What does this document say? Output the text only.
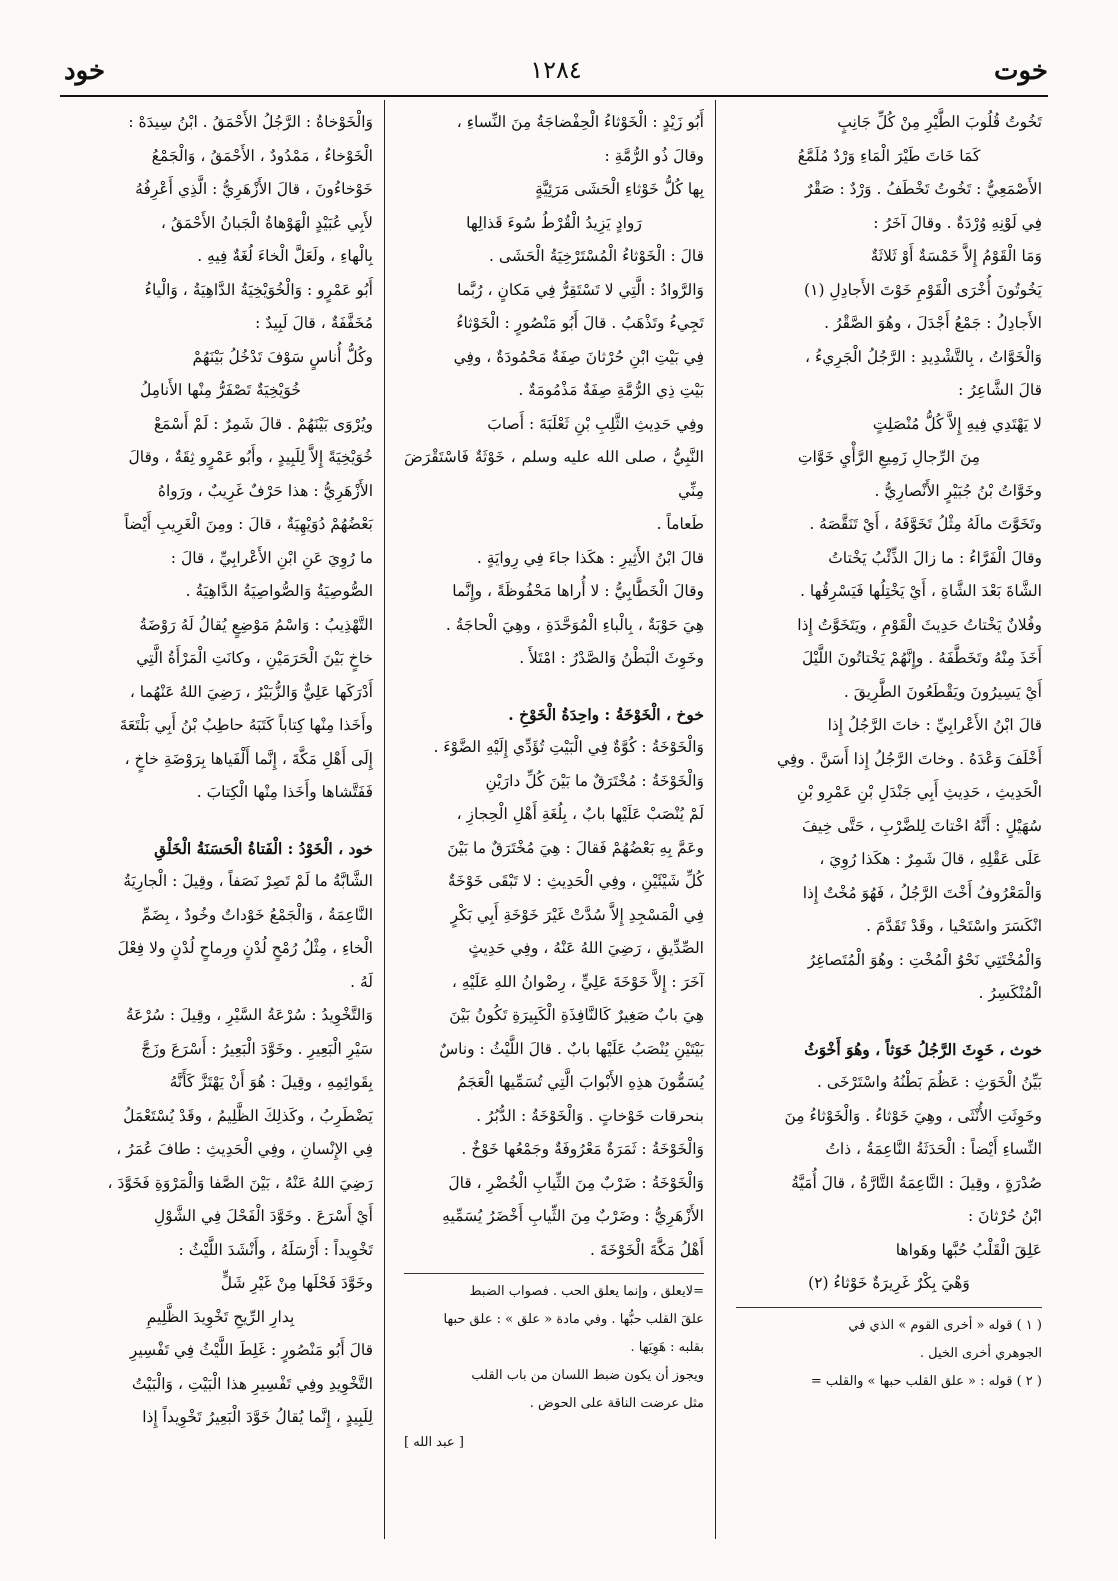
خوت
١٢٨٤
خود

تَخُوتُ قُلُوبَ الطَّيْرِ مِنْ كُلِّ جَانِبٍ

كَمَا خَاتَ طَيْرَ الْمَاءِ وَرْدٌ مُلَمَّعُ

الأَصْمَعِيُّ : تَخُوتُ تَخْطَفُ . وَرْدٌ : صَقْرٌ

فِي لَوْنِهِ وُرْدَةٌ . وقالَ آخَرُ :

وَمَا الْقَوْمُ إِلاَّ خَمْسَةٌ أَوْ ثَلاثَةٌ

يَخُوتُونَ أُخْرَى الْقَوْمِ خَوْتَ الأَجادِلِ (١)

الأَجادِلُ : جَمْعُ أَجْدَلَ ، وهُوَ الصَّقْرُ .

وَالْخَوَّاتُ ، بِالتَّشْدِيدِ : الرَّجُلُ الْجَرِيءُ ،

قالَ الشَّاعِرُ :

لا يَهْتَدِي فِيهِ إِلاَّ كُلُّ مُنْصَلِتٍ

مِنَ الرِّجالِ زَمِيعِ الرَّأْيِ خَوَّاتِ

وخَوَّاتُ بْنُ جُبَيْرٍ الأَنْصارِيُّ .

وتَخَوَّتَ مالَهُ مِثْلُ تَخَوَّفَهُ ، أَيْ تَنَقَّصَهُ .

وقالَ الْفَرَّاءُ : ما زالَ الذِّئْبُ يَخْتاتُ

الشَّاةَ بَعْدَ الشَّاةِ ، أَيْ يَخْتِلُها فَيَسْرِقُها .

وفُلانٌ يَخْتاتُ حَدِيثَ الْقَوْمِ ، ويَتَخَوَّتُ إِذا

أَخَذَ مِنْهُ وتَخَطَّفَهُ . وإِنَّهُمْ يَخْتاتُونَ اللَّيْلَ

أَيْ يَسِيرُونَ ويَقْطَعُونَ الطَّرِيقَ .

قالَ ابْنُ الأَعْرابِيِّ : خاتَ الرَّجُلُ إِذا

أَخْلَفَ وَعْدَهُ . وخاتَ الرَّجُلُ إِذا أَسَنَّ . وفِي

الْحَدِيثِ ، حَدِيثِ أَبِي جَنْدَلِ بْنِ عَمْرِو بْنِ

سُهَيْلٍ : أَنَّهُ اخْتاتَ لِلضَّرْبِ ، حَتَّى خِيفَ

عَلَى عَقْلِهِ ، قالَ شَمِرٌ : هكَذا رُوِيَ ،

وَالْمَعْرُوفُ أَخْتَ الرَّجُلُ ، فَهُوَ مُخْتٌ إِذا

انْكَسَرَ واسْتَحْيا ، وقَدْ تَقَدَّمَ .

وَالْمُخْتَتِي نَحْوُ الْمُخْتِ : وهُوَ الْمُتَصاغِرُ

الْمُنْكَسِرُ .

خوث ، خَوِثَ الرَّجُلُ خَوَثاً ، وهُوَ أَخْوَثُ

بَيِّنُ الْخَوَثِ : عَظُمَ بَطْنُهُ واسْتَرْخَى .

وخَوِثَتِ الأُنْثَى ، وهِيَ خَوْثاءُ . وَالْخَوْثاءُ مِنَ

النِّساءِ أَيْضاً : الْحَدَثَةُ النَّاعِمَةُ ، ذاتُ

صُدْرَةٍ ، وقِيلَ : النَّاعِمَةُ التَّارَّةُ ، قالَ أُمَيَّةُ

ابْنُ حُرْثانَ :

عَلِقَ الْقَلْبُ حُبَّها وهَواها

وَهْيَ بِكْرٌ غَرِيرَةٌ خَوْثاءُ (٢)

( ١ ) قوله « أخرى القوم » الذي في

الجوهري أخرى الخيل .

( ٢ ) قوله : « علق القلب حبها » والقلب =

أَبُو زَيْدٍ : الْخَوْثاءُ الْحِفْضاجَةُ مِنَ النِّساءِ ،

وقالَ ذُو الرُّمَّةِ :

بِها كُلُّ خَوْثاءِ الْحَشَى مَرَئِيَّةٍ

رَوادٍ يَزِيدُ الْقُرْطُ سُوءَ قَذالِها

قالَ : الْخَوْثاءُ الْمُسْتَرْخِيَةُ الْحَشَى .

وَالرَّوادُ : الَّتِي لا تَسْتَقِرُّ فِي مَكانٍ ، رُبَّما

تَجِيءُ وتَذْهَبُ . قالَ أَبُو مَنْصُورٍ : الْخَوْثاءُ

فِي بَيْتِ ابْنِ حُرْثانَ صِفَةٌ مَحْمُودَةٌ ، وفِي

بَيْتِ ذِي الرُّمَّةِ صِفَةٌ مَذْمُومَةٌ .

وفِي حَدِيثِ الثَّلِبِ بْنِ ثَعْلَبَةَ : أَصابَ

النَّبِيُّ ، صلى الله عليه وسلم ، خَوْثَةٌ فَاسْتَقْرَضَ مِنِّي

طَعاماً .

قالَ ابْنُ الأَثِيرِ : هكَذا جاءَ فِي رِوايَةٍ .

وقالَ الْخَطَّابِيُّ : لا أُراها مَحْفُوظَةً ، وإِنَّما

هِيَ حَوْبَةٌ ، بِالْباءِ الْمُوَحَّدَةِ ، وهِيَ الْحاجَةُ .

وخَوِثَ الْبَطْنُ وَالصَّدْرُ : امْتَلأَ .

خوخ ، الْخَوْخَةُ : واحِدَةُ الْخَوْخِ .

وَالْخَوْخَةُ : كُوَّةٌ فِي الْبَيْتِ تُؤَدِّي إِلَيْهِ الضَّوْءَ .

وَالْخَوْخَةُ : مُخْتَرَقٌ ما بَيْنَ كُلِّ دارَيْنِ

لَمْ يُنْصَبْ عَلَيْها بابٌ ، بِلُغَةِ أَهْلِ الْحِجازِ ،

وعَمَّ بِهِ بَعْضُهُمْ فَقالَ : هِيَ مُخْتَرَقٌ ما بَيْنَ

كُلِّ شَيْئَيْنِ ، وفِي الْحَدِيثِ : لا تَبْقَى خَوْخَةٌ

فِي الْمَسْجِدِ إِلاَّ سُدَّتْ غَيْرَ خَوْخَةِ أَبِي بَكْرٍ

الصِّدِّيقِ ، رَضِيَ اللهُ عَنْهُ ، وفِي حَدِيثٍ

آخَرَ : إِلاَّ خَوْخَةَ عَلِيٍّ ، رِضْوانُ اللهِ عَلَيْهِ ،

هِيَ بابٌ صَغِيرٌ كَالنَّافِذَةِ الْكَبِيرَةِ تَكُونُ بَيْنَ

بَيْتَيْنِ يُنْصَبُ عَلَيْها بابٌ . قالَ اللَّيْثُ : وناسٌ

يُسَمُّونَ هذِهِ الأَبْوابَ الَّتِي تُسَمِّيها الْعَجَمُ

بنحرقات خَوْخاتٍ . وَالْخَوْخَةُ : الدُّبُرُ .

وَالْخَوْخَةُ : ثَمَرَةٌ مَعْرُوفَةٌ وجَمْعُها خَوْخٌ .

وَالْخَوْخَةُ : ضَرْبٌ مِنَ الثِّيابِ الْخُضْرِ ، قالَ

الأَزْهَرِيُّ : وضَرْبٌ مِنَ الثِّيابِ أَخْضَرُ يُسَمِّيهِ

أَهْلُ مَكَّةَ الْخَوْخَةَ .

=لايعلق ، وإنما يعلق الحب . فصواب الضبط

علقَ القلب حبُّها . وفي مادة « علق » : علق حبها

بقلبه : هَوِيَها .

ويجوز أن يكون ضبط اللسان من باب القلب

مثل عرضت الناقة على الحوض .

[ عبد الله ]

وَالْخَوْخاةُ : الرَّجُلُ الأَحْمَقُ . ابْنُ سِيدَهْ :

الْخَوْخاءُ ، مَمْدُودٌ ، الأَحْمَقُ ، وَالْجَمْعُ

خَوْخاءُونَ ، قالَ الأَزْهَرِيُّ : الَّذِي أَعْرِفُهُ

لأَبِي عُبَيْدٍ الْهَوْهاةُ الْجَبانُ الأَحْمَقُ ،

بِالْهاءِ ، ولَعَلَّ الْخاءَ لُغَةٌ فِيهِ .

أَبُو عَمْرٍو : وَالْخُوَيْخِيَةُ الدَّاهِيَةُ ، وَالْياءُ

مُخَفَّفَةٌ ، قالَ لَبِيدٌ :

وكُلُّ أُناسٍ سَوْفَ تَدْخُلُ بَيْنَهُمْ

خُوَيْخِيَةٌ تَصْفَرُّ مِنْها الأَنامِلُ

ويُرْوَى بَيْنَهُمْ . قالَ شَمِرٌ : لَمْ أَسْمَعْ

خُوَيْخِيَةً إِلاَّ لِلَبِيدٍ ، وأَبُو عَمْرٍو ثِقَةٌ ، وقالَ

الأَزْهَرِيُّ : هذا حَرْفٌ غَرِيبٌ ، ورَواهُ

بَعْضُهُمْ دُوَيْهِيَةٌ ، قالَ : ومِنَ الْغَرِيبِ أَيْضاً

ما رُوِيَ عَنِ ابْنِ الأَعْرابِيِّ ، قالَ :

الصُّوصِيَةُ وَالصُّواصِيَةُ الدَّاهِيَةُ .

التَّهْذِيبُ : وَاسْمُ مَوْضِعٍ يُقالُ لَهُ رَوْضَةُ

خاخٍ بَيْنَ الْحَرَمَيْنِ ، وكانَتِ الْمَرْأَةُ الَّتِي

أَدْرَكَها عَلِيٌّ وَالزُّبَيْرُ ، رَضِيَ اللهُ عَنْهُما ،

وأَخَذا مِنْها كِتاباً كَتَبَهُ حاطِبُ بْنُ أَبِي بَلْتَعَةَ

إِلَى أَهْلِ مَكَّةَ ، إِنَّما أَلْفَياها بِرَوْضَةِ خاخٍ ،

فَفَتَّشاها وأَخَذا مِنْها الْكِتابَ .

خود ، الْخَوْدُ : الْفَتاةُ الْحَسَنَةُ الْخَلْقِ

الشَّابَّةُ ما لَمْ تَصِرْ نَصَفاً ، وقِيلَ : الْجارِيَةُ

النَّاعِمَةُ ، وَالْجَمْعُ خَوْداتٌ وخُودٌ ، بِضَمِّ

الْخاءِ ، مِثْلُ رُمْحٍ لُدْنٍ ورِماحٍ لُدْنٍ ولا فِعْلَ

لَهُ .

وَالتَّخْوِيدُ : سُرْعَةُ السَّيْرِ ، وقِيلَ : سُرْعَةُ

سَيْرِ الْبَعِيرِ . وخَوَّدَ الْبَعِيرُ : أَسْرَعَ وزَجَّ

بِقَوائِمِهِ ، وقِيلَ : هُوَ أَنْ يَهْتَزَّ كَأَنَّهُ

يَضْطَرِبُ ، وكَذلِكَ الظَّلِيمُ ، وقَدْ يُسْتَعْمَلُ

فِي الإِنْسانِ ، وفِي الْحَدِيثِ : طافَ عُمَرُ ،

رَضِيَ اللهُ عَنْهُ ، بَيْنَ الصَّفا وَالْمَرْوَةِ فَخَوَّدَ ،

أَيْ أَسْرَعَ . وخَوَّدَ الْفَحْلَ فِي الشَّوْلِ

تَخْوِيداً : أَرْسَلَهُ ، وأَنْشَدَ اللَّيْثُ :

وخَوَّدَ فَحْلَها مِنْ غَيْرِ شَلٍّ

بِدارِ الرِّيحِ تَخْوِيدَ الظَّلِيمِ

قالَ أَبُو مَنْصُورٍ : غَلِطَ اللَّيْثُ فِي تَفْسِيرِ

التَّخْوِيدِ وفِي تَفْسِيرِ هذا الْبَيْتِ ، وَالْبَيْتُ

لِلَبِيدٍ ، إِنَّما يُقالُ خَوَّدَ الْبَعِيرُ تَخْوِيداً إِذا
